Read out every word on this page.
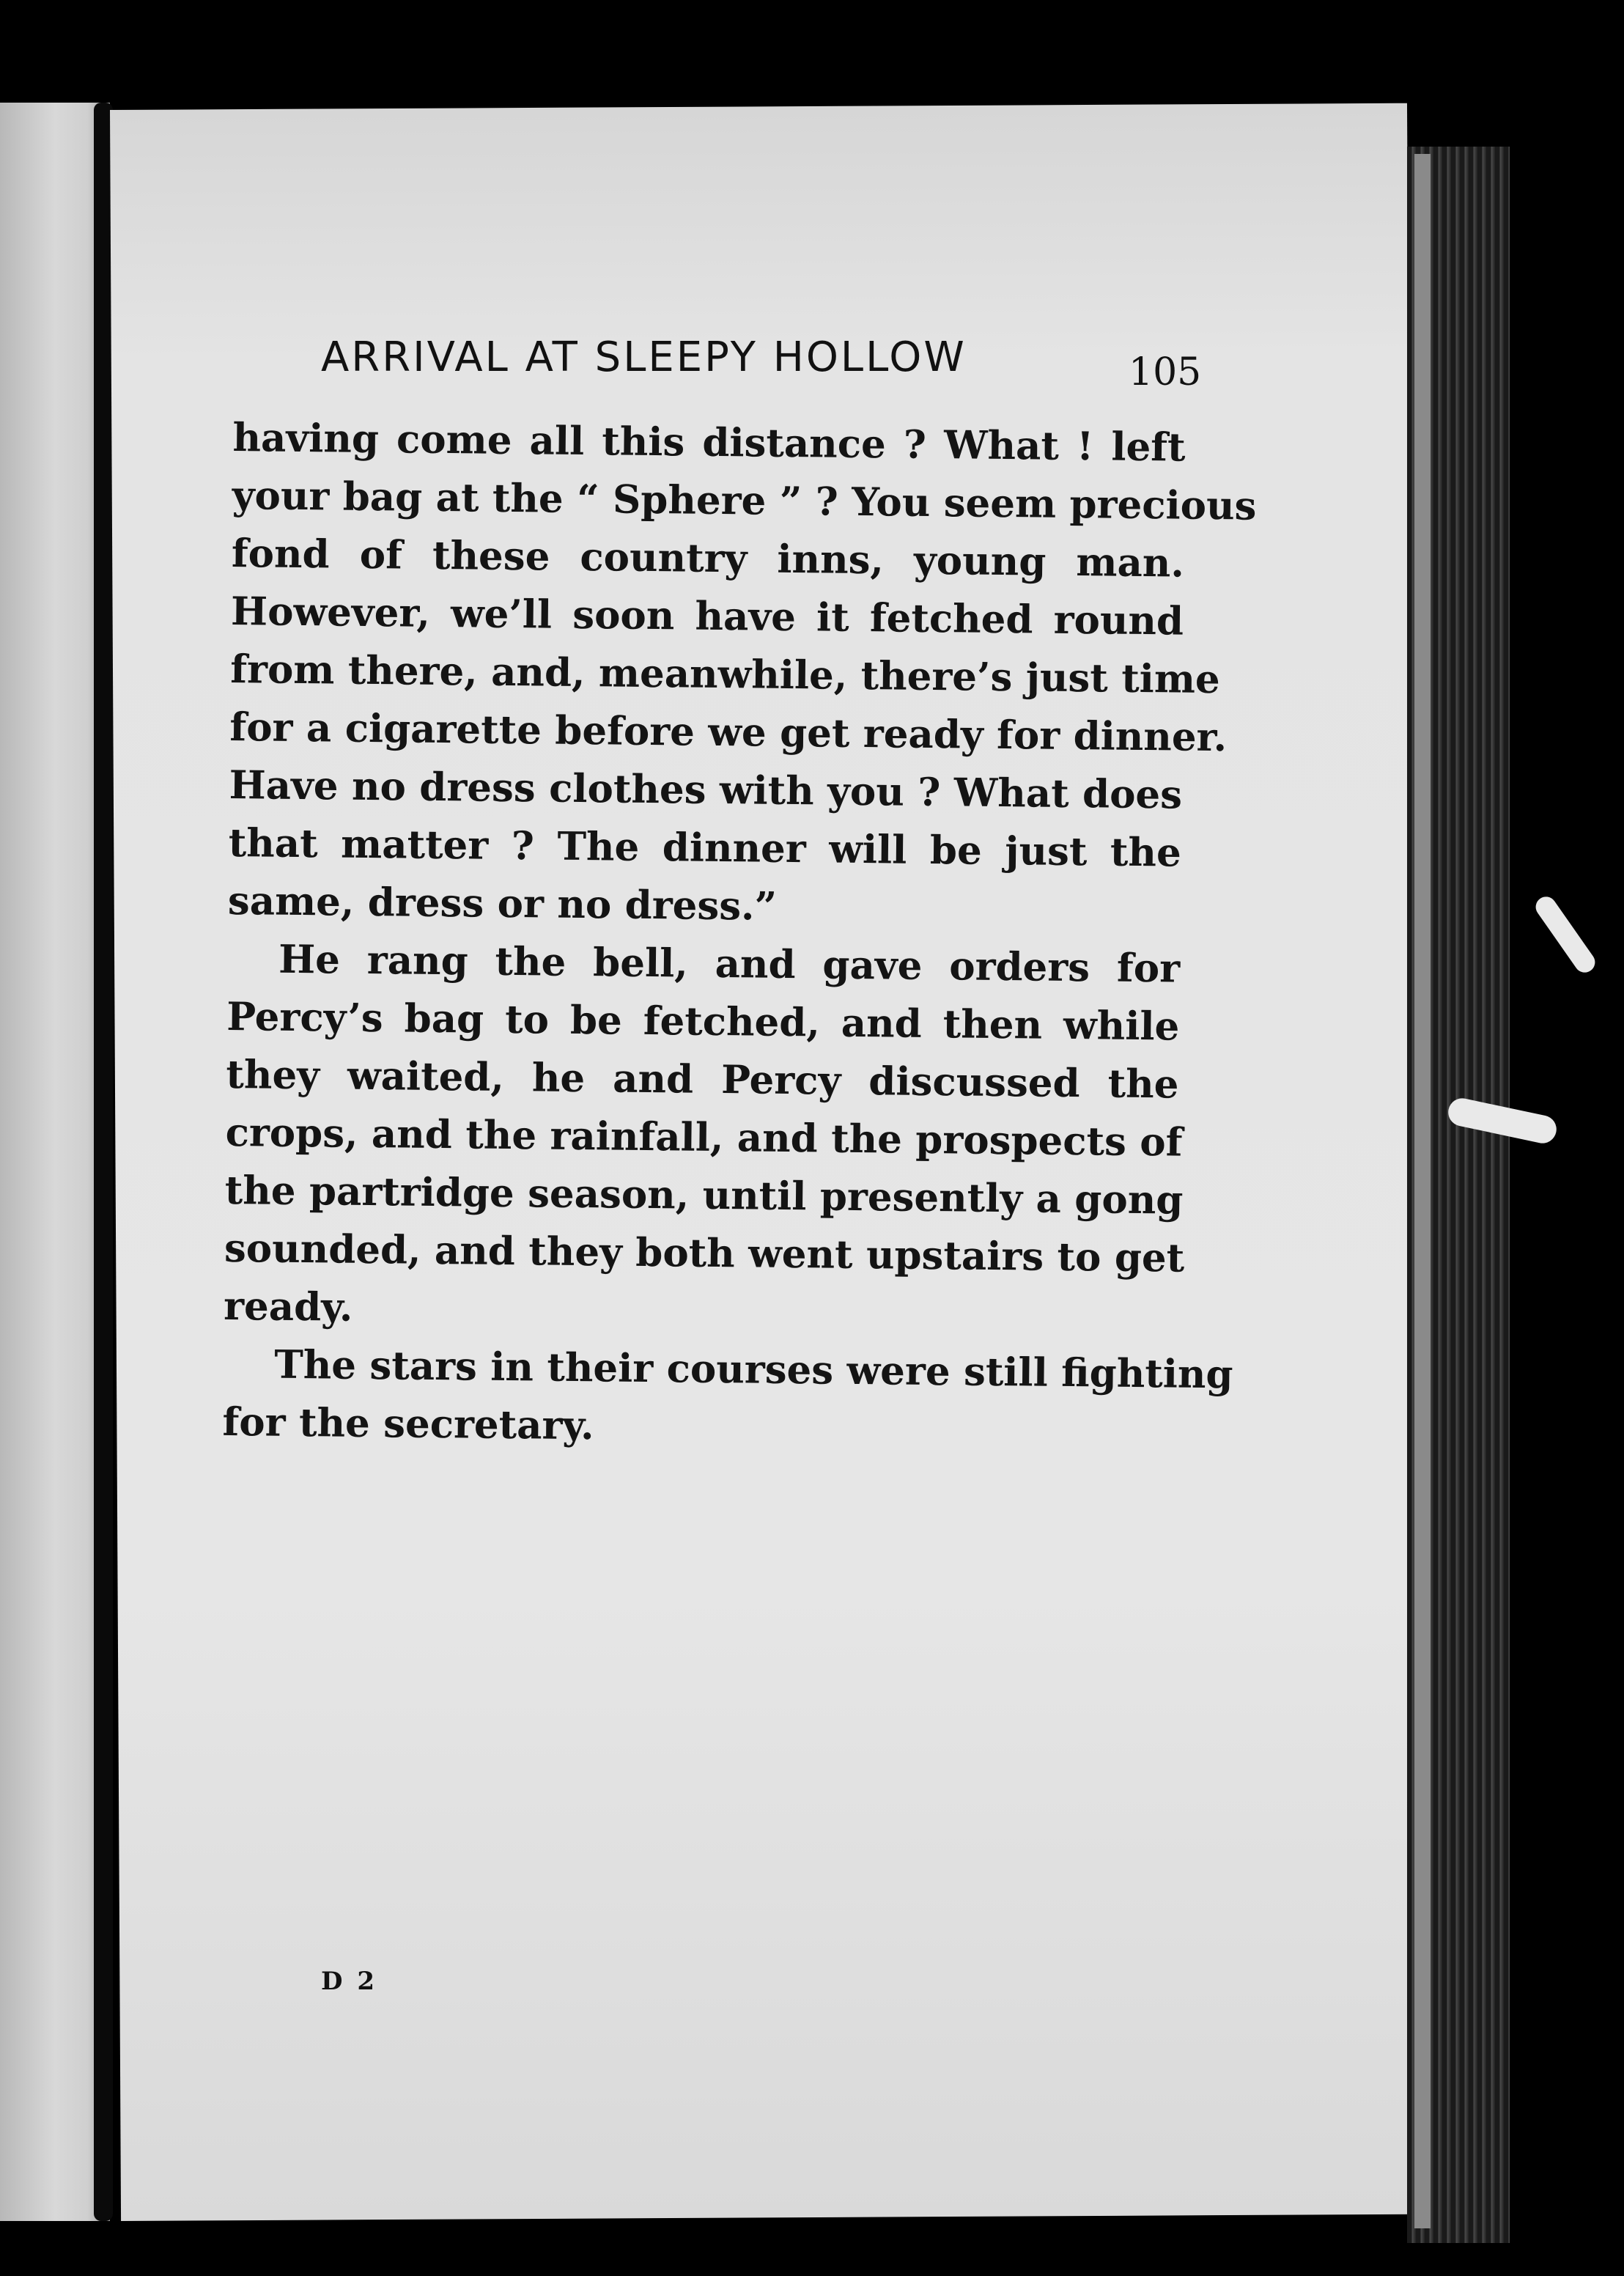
ARRIVAL AT SLEEPY HOLLOW	105
having come all this distance ? What ! left
your bag at the “ Sphere ” ? You seem precious
fond of these country inns, young man.
However, we’ll soon have it fetched round
from there, and, meanwhile, there’s just time
for a cigarette before we get ready for dinner.
Have no dress clothes with you ? What does
that matter ? The dinner will be just the
same, dress or no dress.”
He rang the bell, and gave orders for
Percy’s bag to be fetched, and then while
they waited, he and Percy discussed the
crops, and the rainfall, and the prospects of
the partridge season, until presently a gong
sounded, and they both went upstairs to get
ready.
The stars in their courses were still fighting
for the secretary.
D 2
